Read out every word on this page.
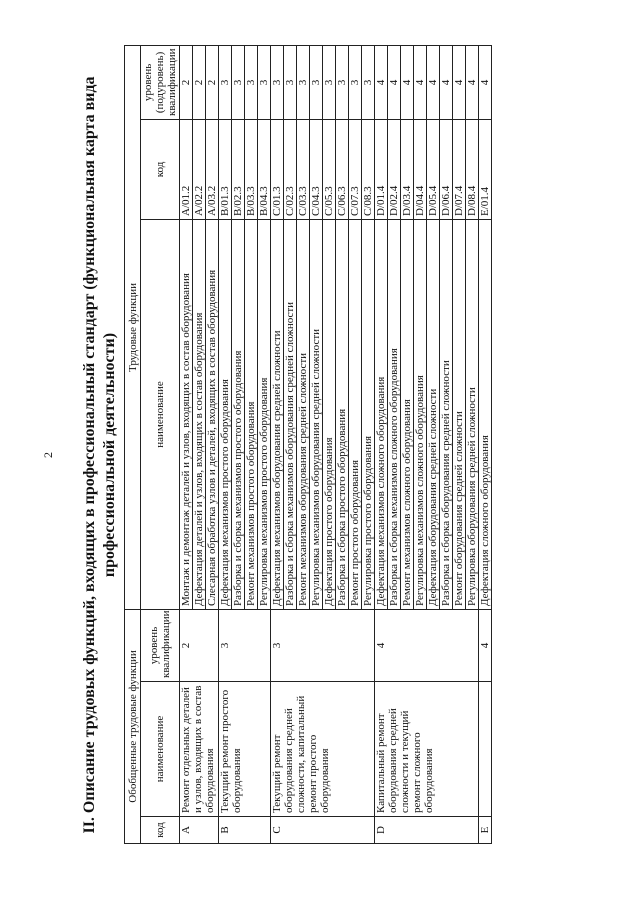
2 II. Описание трудовых функций, входящих в профессиональный стандарт (функциональная карта вида профессиональной деятельности)
Обобщенные трудовые функции			Трудовые функции		
код	наименование	уровень квалификации	наименование	код	уровень (подуровень) квалификации
A	Ремонт отдельных деталей и узлов, входящих в состав оборудования	2	Монтаж и демонтаж деталей и узлов, входящих в состав оборудования	A/01.2	2
			Дефектация деталей и узлов, входящих в состав оборудования	A/02.2	2
			Слесарная обработка узлов и деталей, входящих в состав оборудования	A/03.2	2
B	Текущий ремонт простого оборудования	3	Дефектация механизмов простого оборудования	B/01.3	3
			Разборка и сборка механизмов простого оборудования	B/02.3	3
			Ремонт механизмов простого оборудования	B/03.3	3
			Регулировка механизмов простого оборудования	B/04.3	3
C	Текущий ремонт оборудования средней сложности, капитальный ремонт простого оборудования	3	Дефектация механизмов оборудования средней сложности	C/01.3	3
			Разборка и сборка механизмов оборудования средней сложности	C/02.3	3
			Ремонт механизмов оборудования средней сложности	C/03.3	3
			Регулировка механизмов оборудования средней сложности	C/04.3	3
			Дефектация простого оборудования	C/05.3	3
			Разборка и сборка простого оборудования	C/06.3	3
			Ремонт простого оборудования	C/07.3	3
			Регулировка простого оборудования	C/08.3	3
D	Капитальный ремонт оборудования средней сложности и текущий ремонт сложного оборудования	4	Дефектация механизмов сложного оборудования	D/01.4	4
			Разборка и сборка механизмов сложного оборудования	D/02.4	4
			Ремонт механизмов сложного оборудования	D/03.4	4
			Регулировка механизмов сложного оборудования	D/04.4	4
			Дефектация оборудования средней сложности	D/05.4	4
			Разборка и сборка оборудования средней сложности	D/06.4	4
			Ремонт оборудования средней сложности	D/07.4	4
			Регулировка оборудования средней сложности	D/08.4	4
E		4	Дефектация сложного оборудования	E/01.4	4
